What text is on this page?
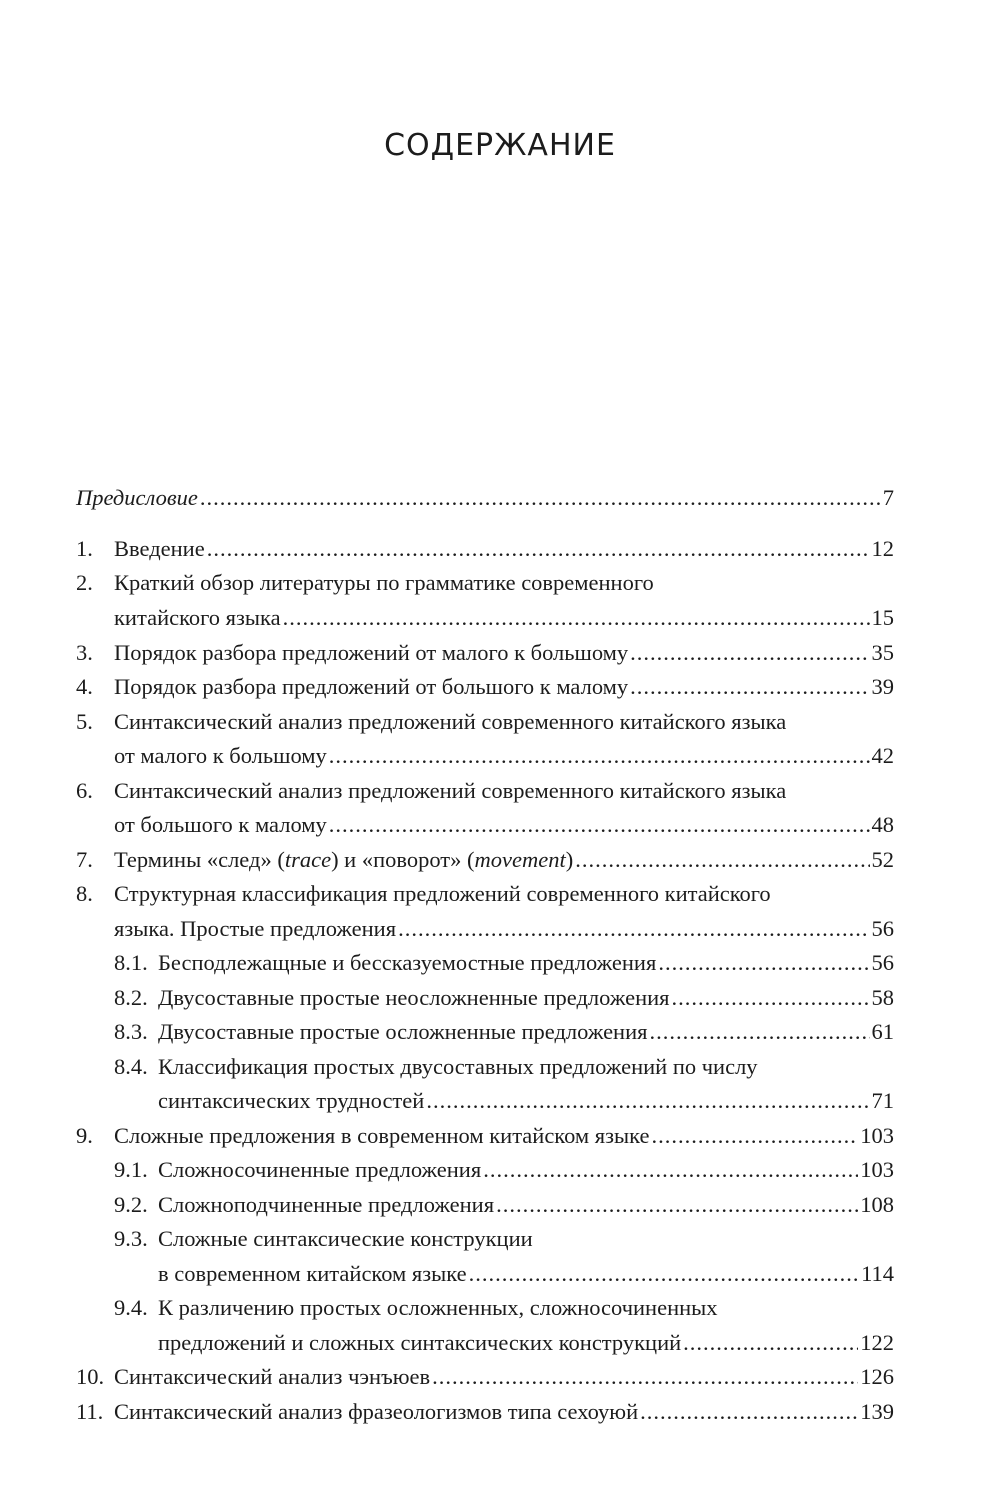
СОДЕРЖАНИЕ
Предисловие .....	7
1. Введение .....	12
2. Краткий обзор литературы по грамматике современного
китайского языка .....	15
3. Порядок разбора предложений от малого к большому .....	35
4. Порядок разбора предложений от большого к малому .....	39
5. Синтаксический анализ предложений современного китайского языка
от малого к большому .....	42
6. Синтаксический анализ предложений современного китайского языка
от большого к малому .....	48
7. Термины «след» (trace) и «поворот» (movement) .....	52
8. Структурная классификация предложений современного китайского
языка. Простые предложения .....	56
8.1. Бесподлежащные и бессказуемостные предложения .....	56
8.2. Двусоставные простые неосложненные предложения .....	58
8.3. Двусоставные простые осложненные предложения .....	61
8.4. Классификация простых двусоставных предложений по числу
синтаксических трудностей .....	71
9. Сложные предложения в современном китайском языке .....	103
9.1. Сложносочиненные предложения .....	103
9.2. Сложноподчиненные предложения .....	108
9.3. Сложные синтаксические конструкции
в современном китайском языке .....	114
9.4. К различению простых осложненных, сложносочиненных
предложений и сложных синтаксических конструкций .....	122
10. Синтаксический анализ чэнъюев .....	126
11. Синтаксический анализ фразеологизмов типа сехоуюй .....	139
